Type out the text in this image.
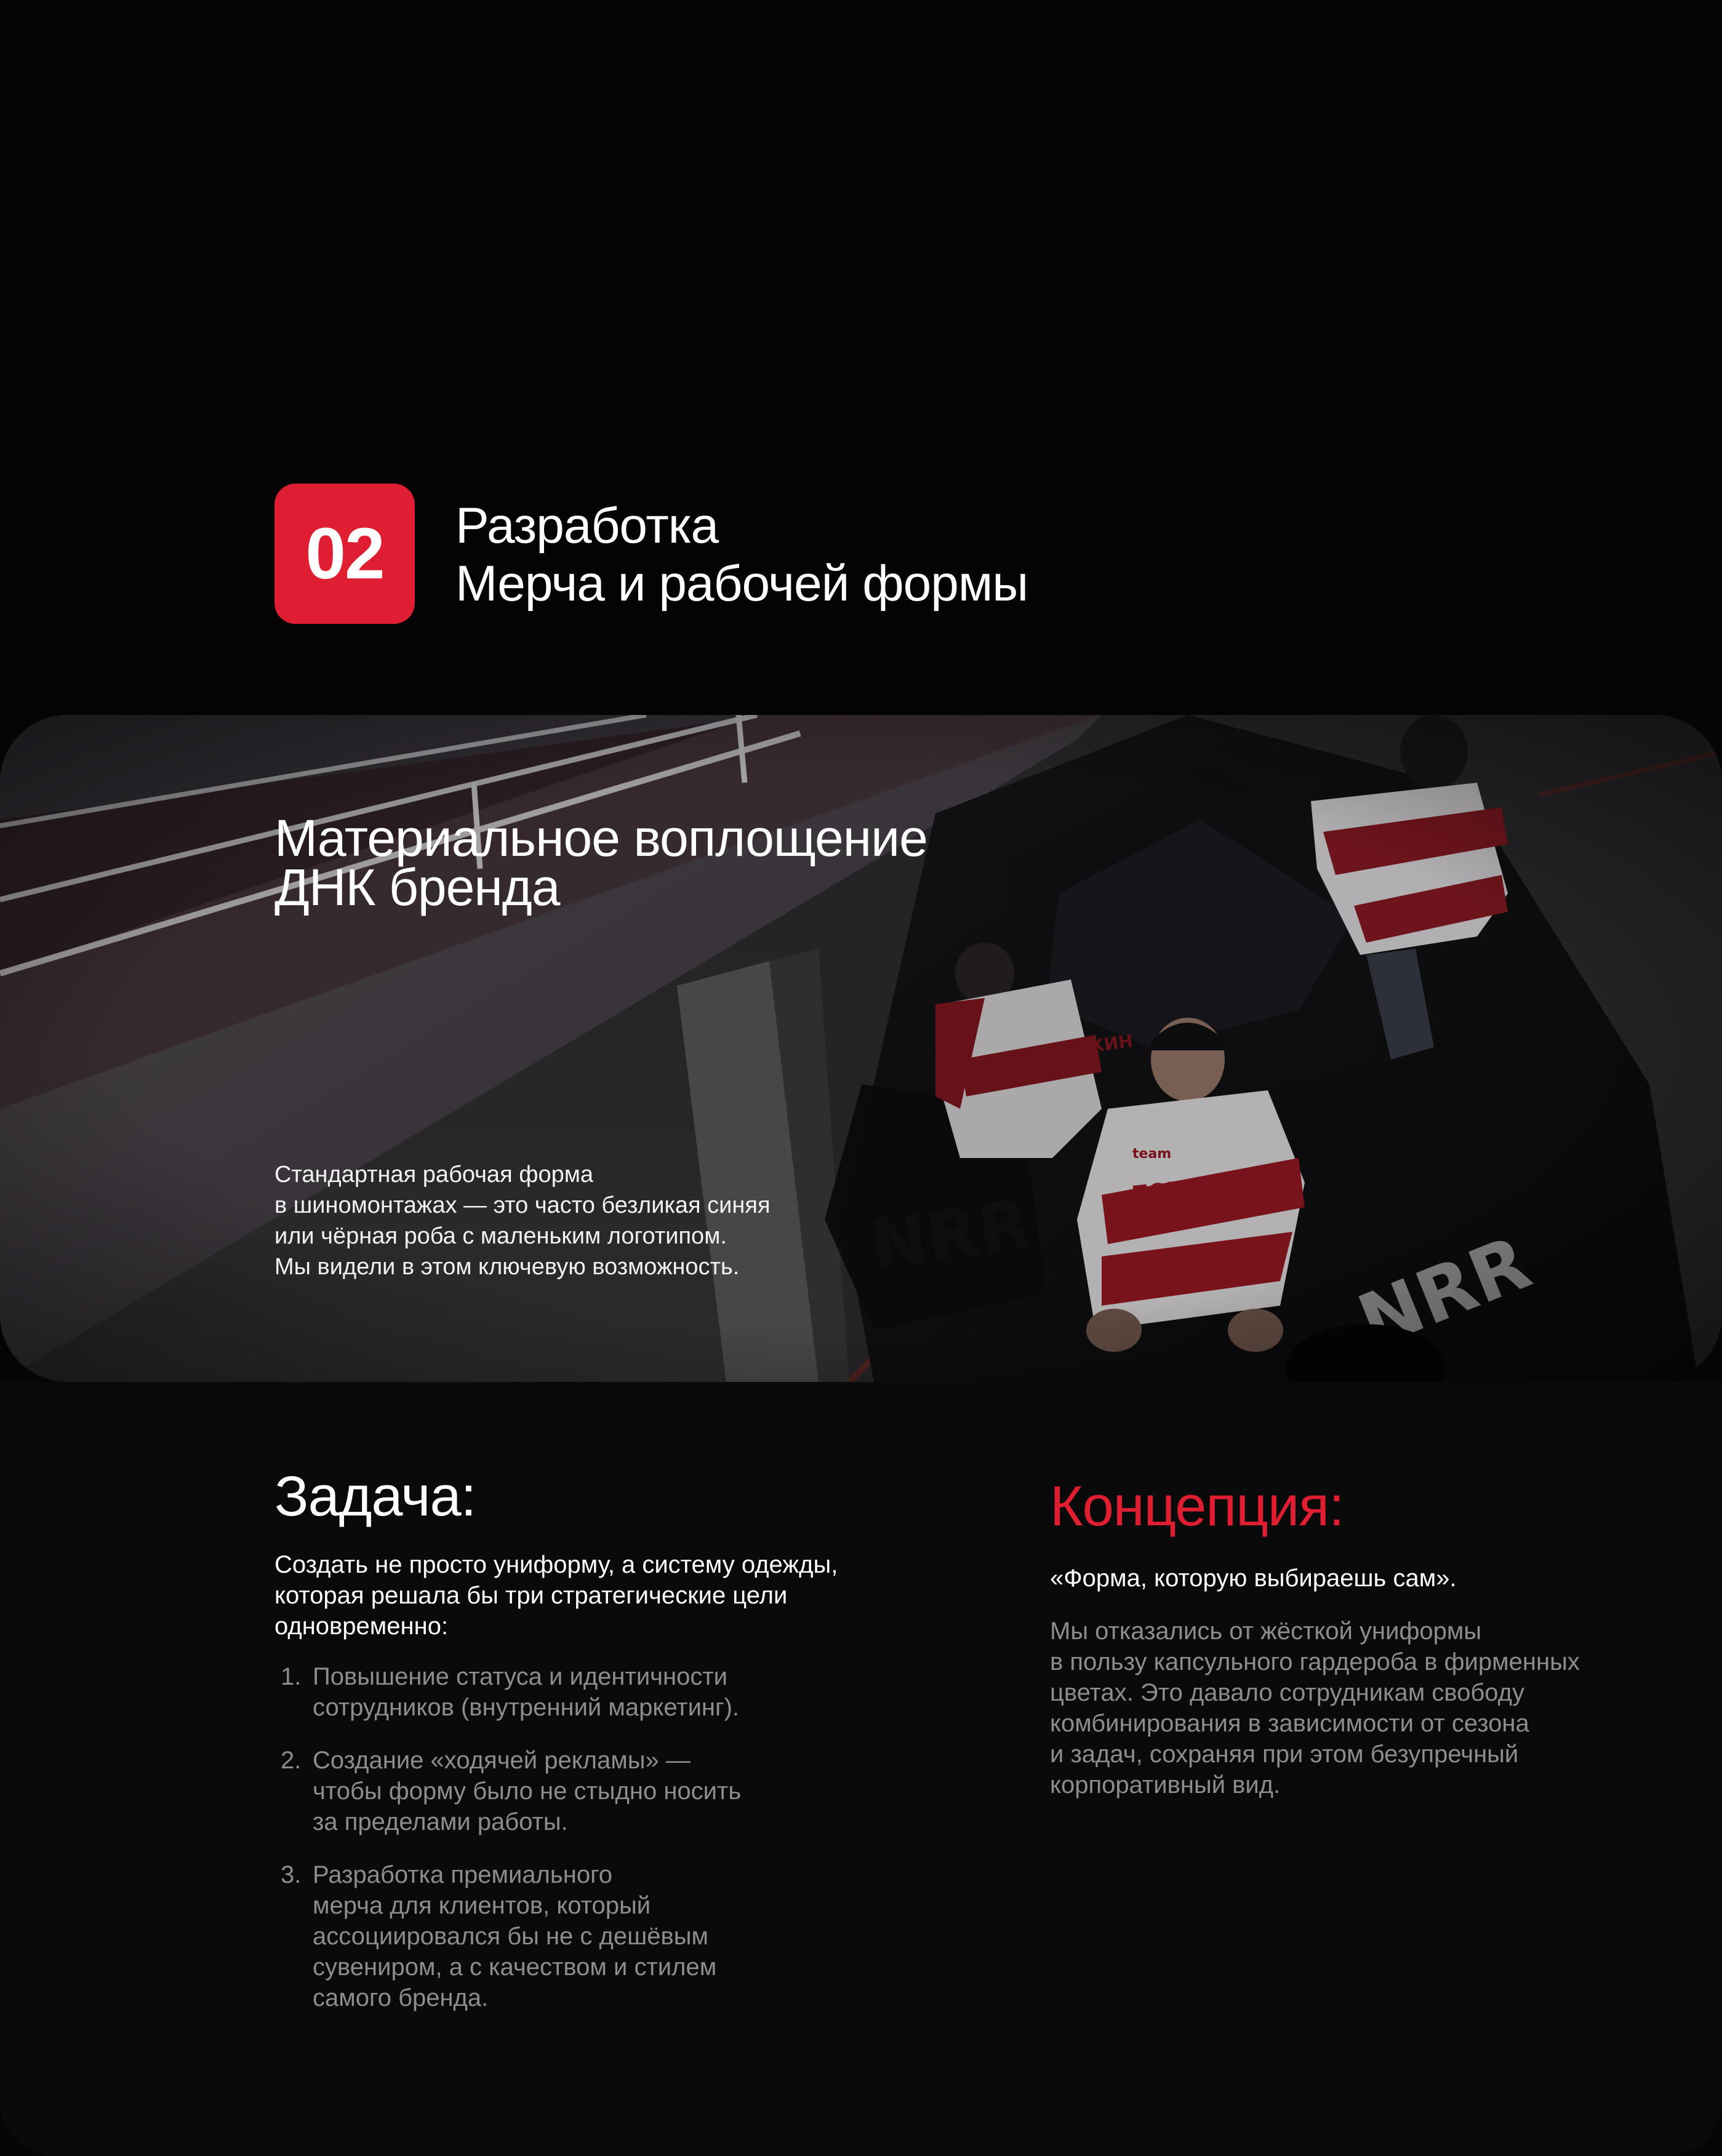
02 Разработка
Мерча и рабочей формы
Материальное воплощение
ДНК бренда
Стандартная рабочая форма
в шиномонтажах — это часто безликая синяя
или чёрная роба с маленьким логотипом.
Мы видели в этом ключевую возможность.
Задача:
Создать не просто униформу, а систему одежды,
которая решала бы три стратегические цели
одновременно:
1. Повышение статуса и идентичности
сотрудников (внутренний маркетинг).
2. Создание «ходячей рекламы» —
чтобы форму было не стыдно носить
за пределами работы.
3. Разработка премиального
мерча для клиентов, который
ассоциировался бы не с дешёвым
сувениром, а с качеством и стилем
самого бренда.
Концепция:
«Форма, которую выбираешь сам».
Мы отказались от жёсткой униформы
в пользу капсульного гардероба в фирменных
цветах. Это давало сотрудникам свободу
комбинирования в зависимости от сезона
и задач, сохраняя при этом безупречный
корпоративный вид.
